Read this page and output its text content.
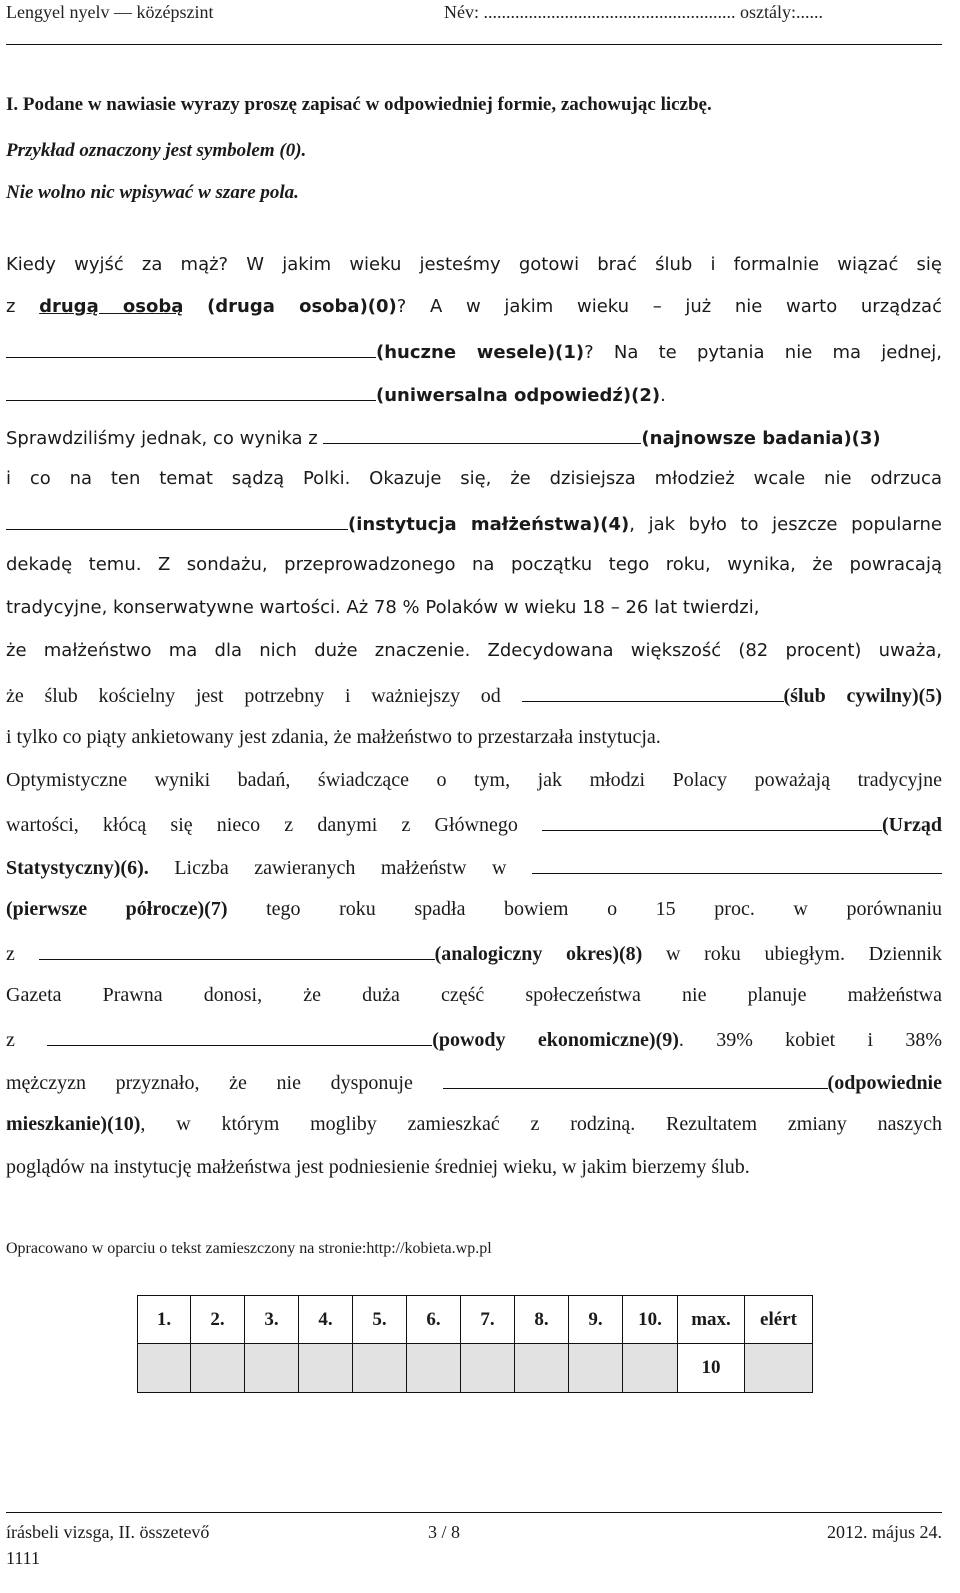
Lengyel nyelv — középszint	Név: ........................................................ osztály:......
I. Podane w nawiasie wyrazy proszę zapisać w odpowiedniej formie, zachowując liczbę.
Przykład oznaczony jest symbolem (0).
Nie wolno nic wpisywać w szare pola.
Kiedy wyjść za mąż? W jakim wieku jesteśmy gotowi brać ślub i formalnie wiązać się
z drugą osobą (druga osoba)(0)? A w jakim wieku – już nie warto urządzać
(huczne wesele)(1)? Na te pytania nie ma jednej,
(uniwersalna odpowiedź)(2).
Sprawdziliśmy jednak, co wynika z	(najnowsze badania)(3)
i co na ten temat sądzą Polki. Okazuje się, że dzisiejsza młodzież wcale nie odrzuca
(instytucja małżeństwa)(4), jak było to jeszcze popularne
dekadę temu. Z sondażu, przeprowadzonego na początku tego roku, wynika, że powracają
tradycyjne, konserwatywne wartości. Aż 78 % Polaków w wieku 18 – 26 lat twierdzi,
że małżeństwo ma dla nich duże znaczenie. Zdecydowana większość (82 procent) uważa,
że ślub kościelny jest potrzebny i ważniejszy od	(ślub cywilny)(5)
i tylko co piąty ankietowany jest zdania, że małżeństwo to przestarzała instytucja.
Optymistyczne wyniki badań, świadczące o tym, jak młodzi Polacy poważają tradycyjne
wartości, kłócą się nieco z danymi z Głównego	(Urząd
Statystyczny)(6). Liczba zawieranych małżeństw w
(pierwsze półrocze)(7) tego roku spadła bowiem o 15 proc. w porównaniu
z	(analogiczny okres)(8) w roku ubiegłym. Dziennik
Gazeta Prawna donosi, że duża część społeczeństwa nie planuje małżeństwa
z	(powody ekonomiczne)(9). 39% kobiet i 38%
mężczyzn przyznało, że nie dysponuje	(odpowiednie
mieszkanie)(10), w którym mogliby zamieszkać z rodziną. Rezultatem zmiany naszych
poglądów na instytucję małżeństwa jest podniesienie średniej wieku, w jakim bierzemy ślub.
Opracowano w oparciu o tekst zamieszczony na stronie:http://kobieta.wp.pl
1.	2.	3.	4.	5.	6.	7.	8.	9.	10.	max.	elért
										10	
írásbeli vizsga, II. összetevő	3 / 8	2012. május 24.
1111
